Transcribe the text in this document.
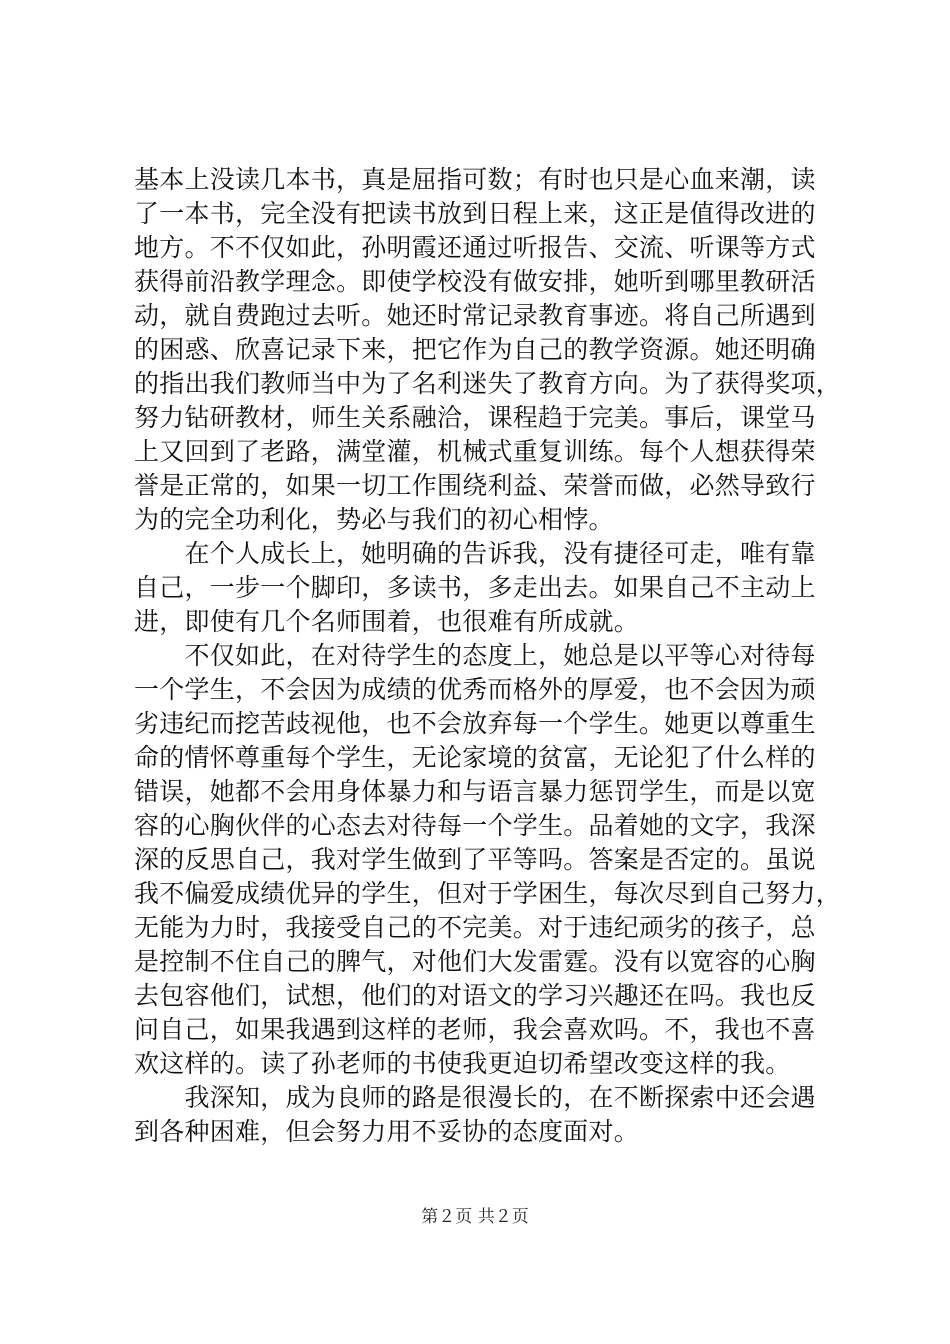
基本上没读几本书，真是屈指可数；有时也只是心血来潮，读
了一本书，完全没有把读书放到日程上来，这正是值得改进的
地方。不不仅如此，孙明霞还通过听报告、交流、听课等方式
获得前沿教学理念。即使学校没有做安排，她听到哪里教研活
动，就自费跑过去听。她还时常记录教育事迹。将自己所遇到
的困惑、欣喜记录下来，把它作为自己的教学资源。她还明确
的指出我们教师当中为了名利迷失了教育方向。为了获得奖项，
努力钻研教材，师生关系融洽，课程趋于完美。事后，课堂马
上又回到了老路，满堂灌，机械式重复训练。每个人想获得荣
誉是正常的，如果一切工作围绕利益、荣誉而做，必然导致行
为的完全功利化，势必与我们的初心相悖。
　　在个人成长上，她明确的告诉我，没有捷径可走，唯有靠
自己，一步一个脚印，多读书，多走出去。如果自己不主动上
进，即使有几个名师围着，也很难有所成就。
　　不仅如此，在对待学生的态度上，她总是以平等心对待每
一个学生，不会因为成绩的优秀而格外的厚爱，也不会因为顽
劣违纪而挖苦歧视他，也不会放弃每一个学生。她更以尊重生
命的情怀尊重每个学生，无论家境的贫富，无论犯了什么样的
错误，她都不会用身体暴力和与语言暴力惩罚学生，而是以宽
容的心胸伙伴的心态去对待每一个学生。品着她的文字，我深
深的反思自己，我对学生做到了平等吗。答案是否定的。虽说
我不偏爱成绩优异的学生，但对于学困生，每次尽到自己努力，
无能为力时，我接受自己的不完美。对于违纪顽劣的孩子，总
是控制不住自己的脾气，对他们大发雷霆。没有以宽容的心胸
去包容他们，试想，他们的对语文的学习兴趣还在吗。我也反
问自己，如果我遇到这样的老师，我会喜欢吗。不，我也不喜
欢这样的。读了孙老师的书使我更迫切希望改变这样的我。
　　我深知，成为良师的路是很漫长的，在不断探索中还会遇
到各种困难，但会努力用不妥协的态度面对。
第２页 共２页
